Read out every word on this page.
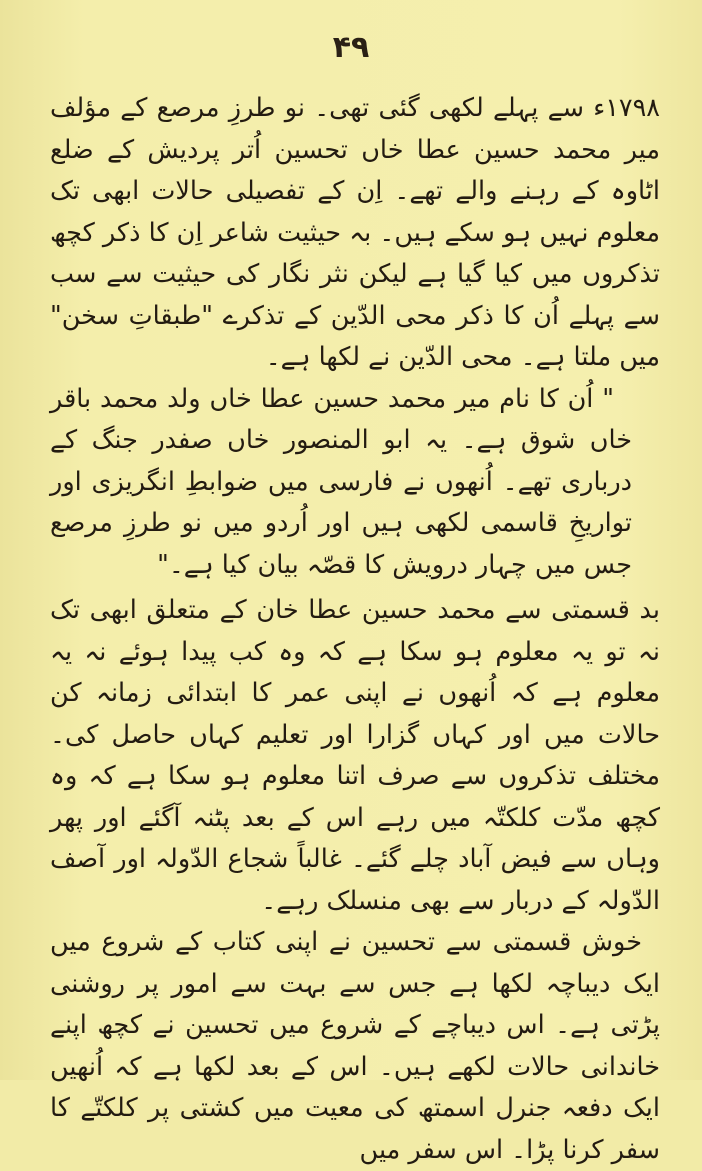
۴۹

۱۷۹۸ء سے پہلے لکھی گئی تھی۔ نو طرزِ مرصع کے مؤلف میر محمد حسین عطا خاں تحسین اُتر پردیش کے ضلع اٹاوہ کے رہنے والے تھے۔ اِن کے تفصیلی حالات ابھی تک معلوم نہیں ہو سکے ہیں۔ بہ حیثیت شاعر اِن کا ذکر کچھ تذکروں میں کیا گیا ہے لیکن نثر نگار کی حیثیت سے سب سے پہلے اُن کا ذکر محی الدّین کے تذکرے "طبقاتِ سخن" میں ملتا ہے۔ محی الدّین نے لکھا ہے۔

" اُن کا نام میر محمد حسین عطا خاں ولد محمد باقر خاں شوق ہے۔ یہ ابو المنصور خاں صفدر جنگ کے درباری تھے۔ اُنھوں نے فارسی میں ضوابطِ انگریزی اور تواریخِ قاسمی لکھی ہیں اور اُردو میں نو طرزِ مرصع جس میں چہار درویش کا قصّہ بیان کیا ہے۔"

بد قسمتی سے محمد حسین عطا خان کے متعلق ابھی تک نہ تو یہ معلوم ہو سکا ہے کہ وہ کب پیدا ہوئے نہ یہ معلوم ہے کہ اُنھوں نے اپنی عمر کا ابتدائی زمانہ کن حالات میں اور کہاں گزارا اور تعلیم کہاں حاصل کی۔ مختلف تذکروں سے صرف اتنا معلوم ہو سکا ہے کہ وہ کچھ مدّت کلکتّہ میں رہے اس کے بعد پٹنہ آگئے اور پھر وہاں سے فیض آباد چلے گئے۔ غالباً شجاع الدّولہ اور آصف الدّولہ کے دربار سے بھی منسلک رہے۔

خوش قسمتی سے تحسین نے اپنی کتاب کے شروع میں ایک دیباچہ لکھا ہے جس سے بہت سے امور پر روشنی پڑتی ہے۔ اس دیباچے کے شروع میں تحسین نے کچھ اپنے خاندانی حالات لکھے ہیں۔ اس کے بعد لکھا ہے کہ اُنھیں ایک دفعہ جنرل اسمتھ کی معیت میں کشتی پر کلکتّے کا سفر کرنا پڑا۔ اس سفر میں
